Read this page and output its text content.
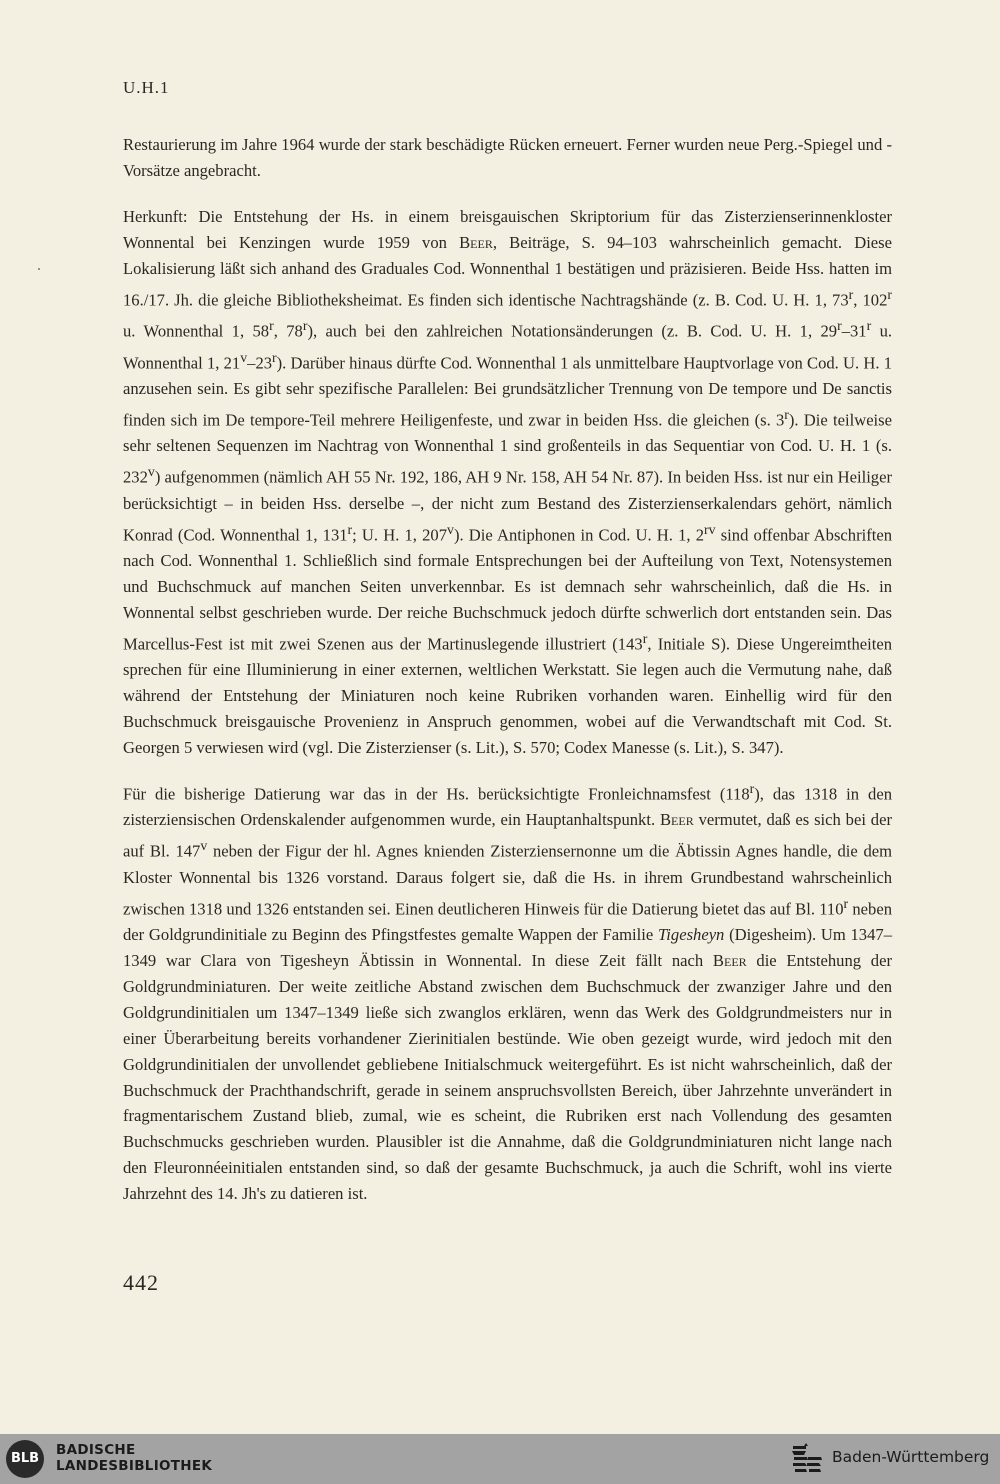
U.H.1

Restaurierung im Jahre 1964 wurde der stark beschädigte Rücken erneuert. Ferner wurden neue Perg.-Spiegel und -Vorsätze angebracht.

Herkunft: Die Entstehung der Hs. in einem breisgauischen Skriptorium für das Zisterzienserinnenkloster Wonnental bei Kenzingen wurde 1959 von Beer, Beiträge, S. 94–103 wahrscheinlich gemacht. Diese Lokalisierung läßt sich anhand des Graduales Cod. Wonnenthal 1 bestätigen und präzisieren. Beide Hss. hatten im 16./17. Jh. die gleiche Bibliotheksheimat. Es finden sich identische Nachtragshände (z. B. Cod. U. H. 1, 73$^r$, 102$^r$ u. Wonnenthal 1, 58$^r$, 78$^r$), auch bei den zahlreichen Notationsänderungen (z. B. Cod. U. H. 1, 29$^r$–31$^r$ u. Wonnenthal 1, 21$^v$–23$^r$). Darüber hinaus dürfte Cod. Wonnenthal 1 als unmittelbare Hauptvorlage von Cod. U. H. 1 anzusehen sein. Es gibt sehr spezifische Parallelen: Bei grundsätzlicher Trennung von De tempore und De sanctis finden sich im De tempore-Teil mehrere Heiligenfeste, und zwar in beiden Hss. die gleichen (s. 3$^r$). Die teilweise sehr seltenen Sequenzen im Nachtrag von Wonnenthal 1 sind großenteils in das Sequentiar von Cod. U. H. 1 (s. 232$^v$) aufgenommen (nämlich AH 55 Nr. 192, 186, AH 9 Nr. 158, AH 54 Nr. 87). In beiden Hss. ist nur ein Heiliger berücksichtigt – in beiden Hss. derselbe –, der nicht zum Bestand des Zisterzienserkalendars gehört, nämlich Konrad (Cod. Wonnenthal 1, 131$^r$; U. H. 1, 207$^v$). Die Antiphonen in Cod. U. H. 1, $2^{rv}$ sind offenbar Abschriften nach Cod. Wonnenthal 1. Schließlich sind formale Entsprechungen bei der Aufteilung von Text, Notensystemen und Buchschmuck auf manchen Seiten unverkennbar. Es ist demnach sehr wahrscheinlich, daß die Hs. in Wonnental selbst geschrieben wurde. Der reiche Buchschmuck jedoch dürfte schwerlich dort entstanden sein. Das Marcellus-Fest ist mit zwei Szenen aus der Martinuslegende illustriert (143$^r$, Initiale S). Diese Ungereimtheiten sprechen für eine Illuminierung in einer externen, weltlichen Werkstatt. Sie legen auch die Vermutung nahe, daß während der Entstehung der Miniaturen noch keine Rubriken vorhanden waren. Einhellig wird für den Buchschmuck breisgauische Provenienz in Anspruch genommen, wobei auf die Verwandtschaft mit Cod. St. Georgen 5 verwiesen wird (vgl. Die Zisterzienser (s. Lit.), S. 570; Codex Manesse (s. Lit.), S. 347).

Für die bisherige Datierung war das in der Hs. berücksichtigte Fronleichnamsfest (118$^r$), das 1318 in den zisterziensischen Ordenskalender aufgenommen wurde, ein Hauptanhaltspunkt. Beer vermutet, daß es sich bei der auf Bl. 147$^v$ neben der Figur der hl. Agnes knienden Zisterziensernonne um die Äbtissin Agnes handle, die dem Kloster Wonnental bis 1326 vorstand. Daraus folgert sie, daß die Hs. in ihrem Grundbestand wahrscheinlich zwischen 1318 und 1326 entstanden sei. Einen deutlicheren Hinweis für die Datierung bietet das auf Bl. 110$^r$ neben der Goldgrundinitiale zu Beginn des Pfingstfestes gemalte Wappen der Familie Tigesheyn (Digesheim). Um 1347–1349 war Clara von Tigesheyn Äbtissin in Wonnental. In diese Zeit fällt nach Beer die Entstehung der Goldgrundminiaturen. Der weite zeitliche Abstand zwischen dem Buchschmuck der zwanziger Jahre und den Goldgrundinitialen um 1347–1349 ließe sich zwanglos erklären, wenn das Werk des Goldgrundmeisters nur in einer Überarbeitung bereits vorhandener Zierinitialen bestünde. Wie oben gezeigt wurde, wird jedoch mit den Goldgrundinitialen der unvollendet gebliebene Initialschmuck weitergeführt. Es ist nicht wahrscheinlich, daß der Buchschmuck der Prachthandschrift, gerade in seinem anspruchsvollsten Bereich, über Jahrzehnte unverändert in fragmentarischem Zustand blieb, zumal, wie es scheint, die Rubriken erst nach Vollendung des gesamten Buchschmucks geschrieben wurden. Plausibler ist die Annahme, daß die Goldgrundminiaturen nicht lange nach den Fleuronnéeinitialen entstanden sind, so daß der gesamte Buchschmuck, ja auch die Schrift, wohl ins vierte Jahrzehnt des 14. Jh's zu datieren ist.

442
BLB
BADISCHE
LANDESBIBLIOTHEK	Baden-Württemberg
